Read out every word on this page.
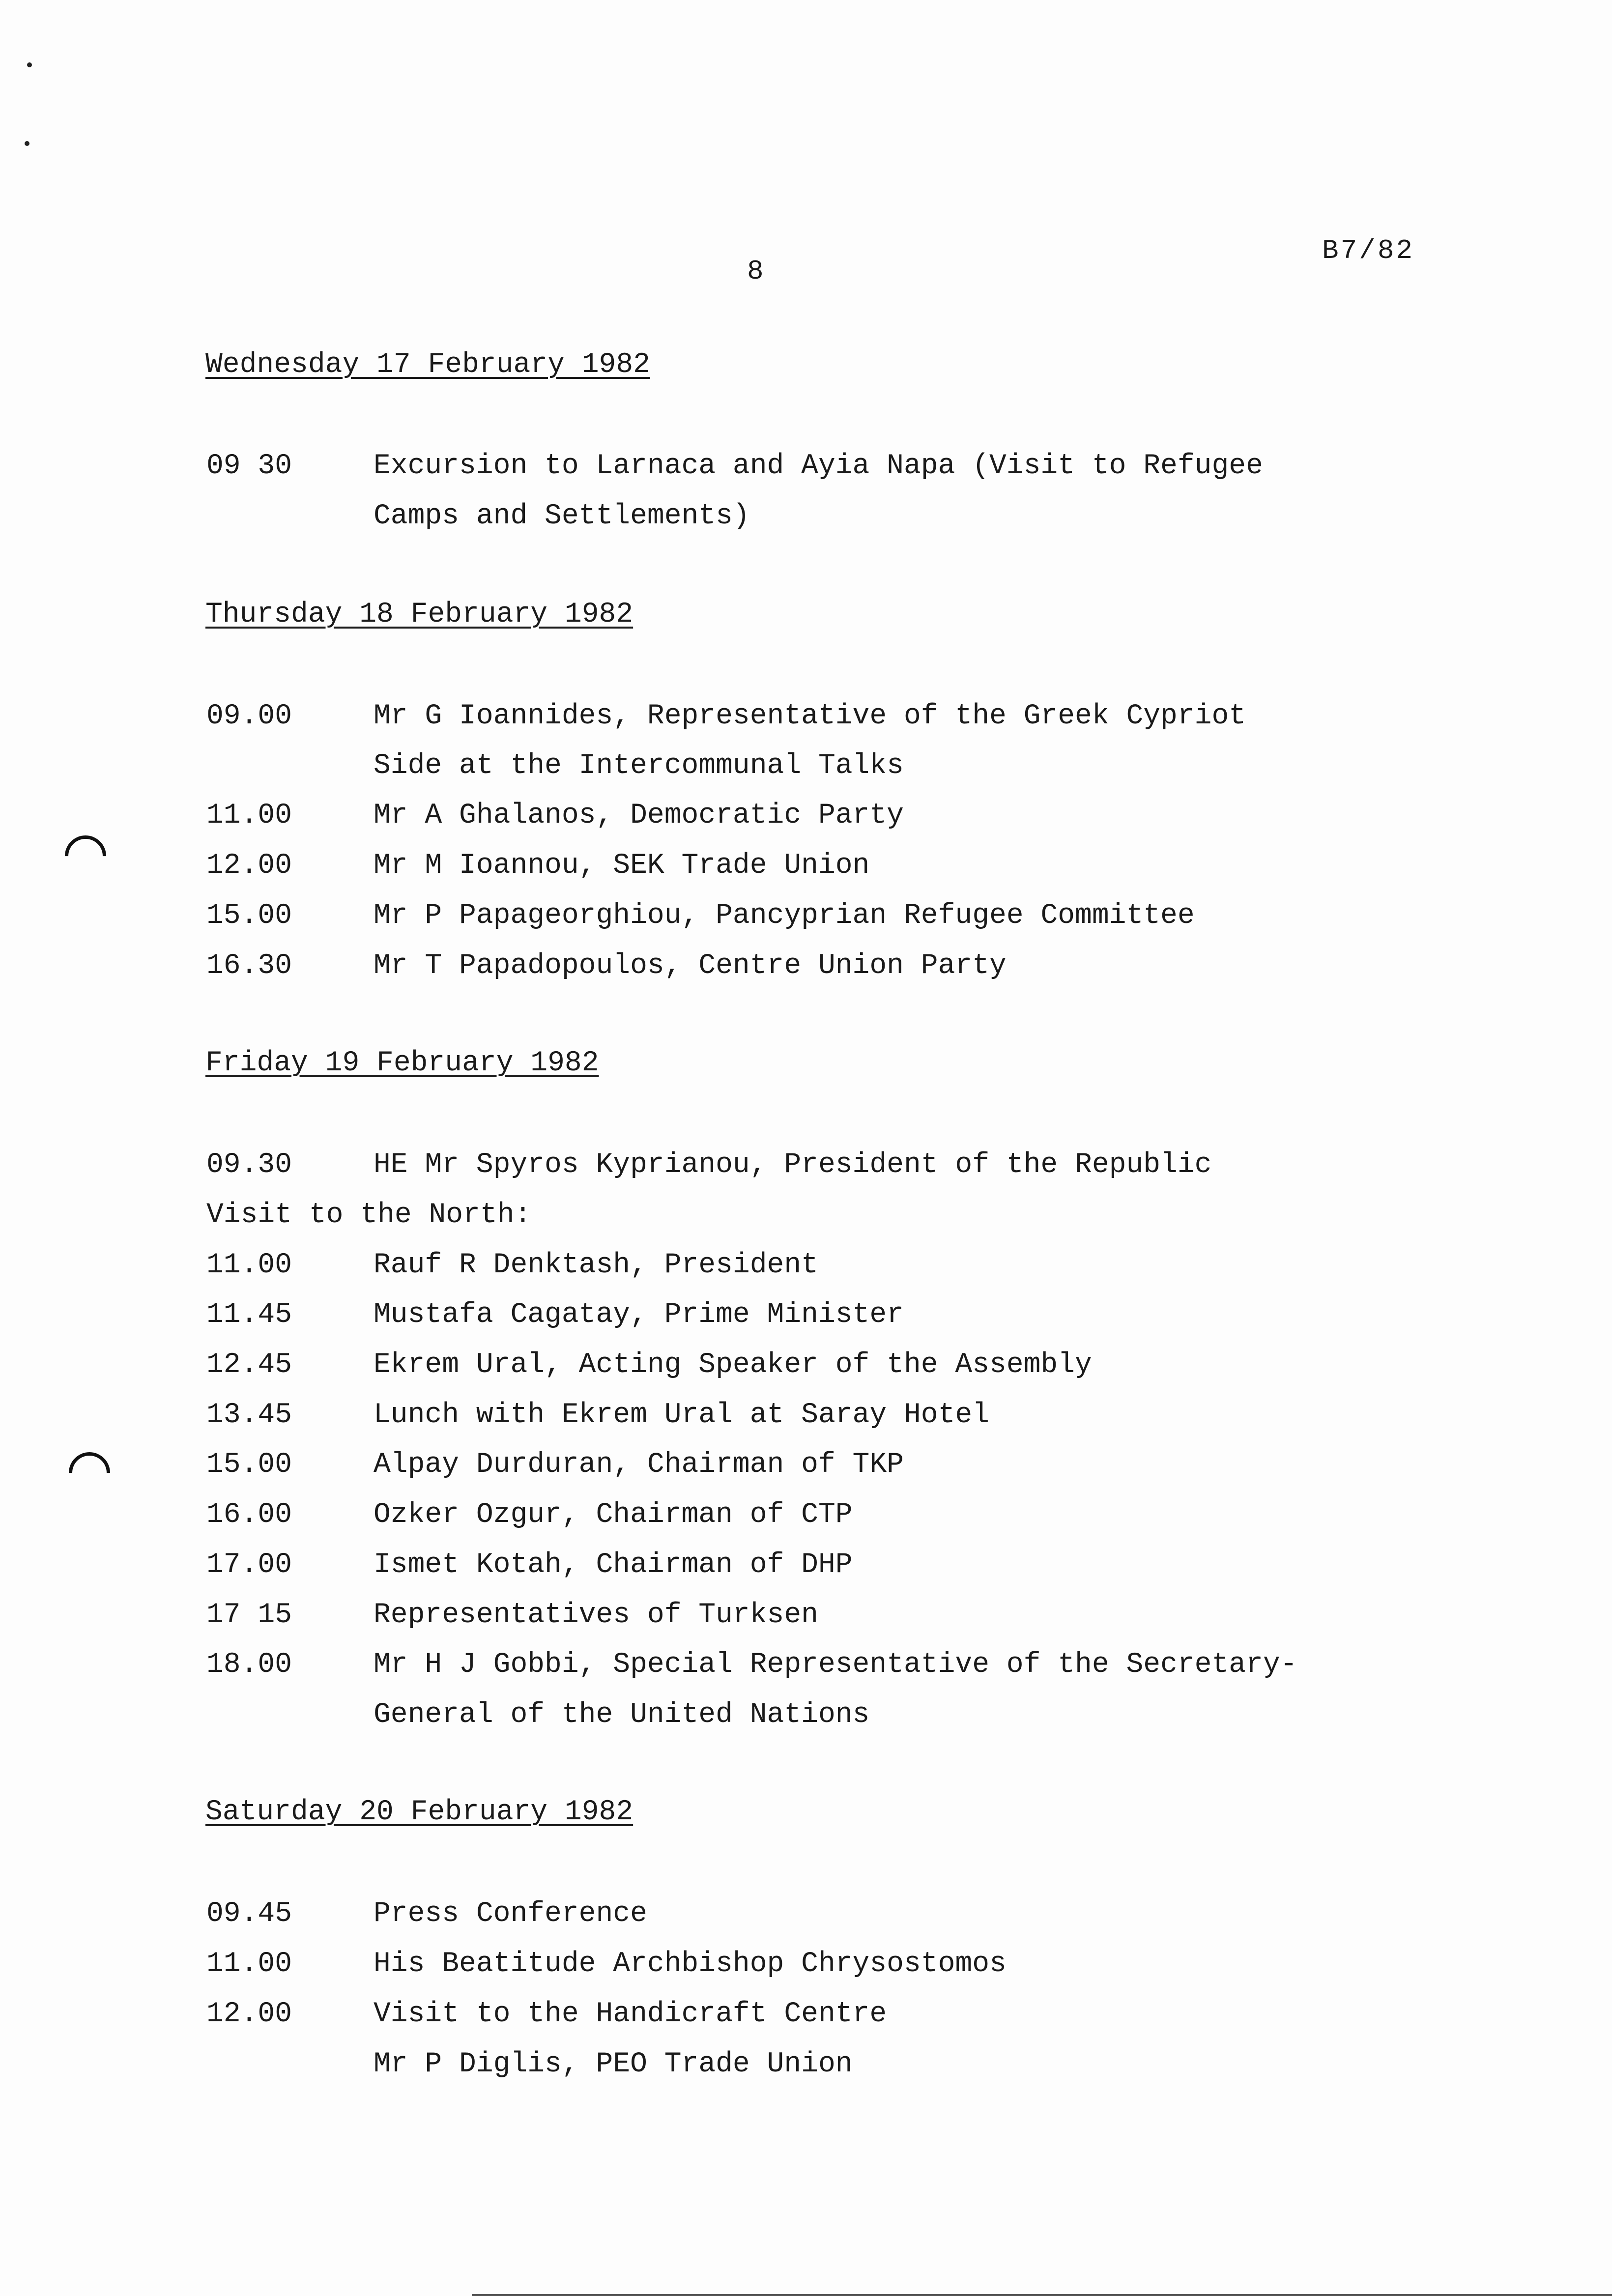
8
B7/82
Wednesday 17 February 1982
09 30	Excursion to Larnaca and Ayia Napa (Visit to Refugee
Camps and Settlements)
Thursday 18 February 1982
09.00	Mr G Ioannides, Representative of the Greek Cypriot
Side at the Intercommunal Talks
11.00	Mr A Ghalanos, Democratic Party
12.00	Mr M Ioannou, SEK Trade Union
15.00	Mr P Papageorghiou, Pancyprian Refugee Committee
16.30	Mr T Papadopoulos, Centre Union Party
Friday 19 February 1982
09.30	HE Mr Spyros Kyprianou, President of the Republic
Visit to the North:
11.00	Rauf R Denktash, President
11.45	Mustafa Cagatay, Prime Minister
12.45	Ekrem Ural, Acting Speaker of the Assembly
13.45	Lunch with Ekrem Ural at Saray Hotel
15.00	Alpay Durduran, Chairman of TKP
16.00	Ozker Ozgur, Chairman of CTP
17.00	Ismet Kotah, Chairman of DHP
17 15	Representatives of Turksen
18.00	Mr H J Gobbi, Special Representative of the Secretary-
General of the United Nations
Saturday 20 February 1982
09.45	Press Conference
11.00	His Beatitude Archbishop Chrysostomos
12.00	Visit to the Handicraft Centre
Mr P Diglis, PEO Trade Union
